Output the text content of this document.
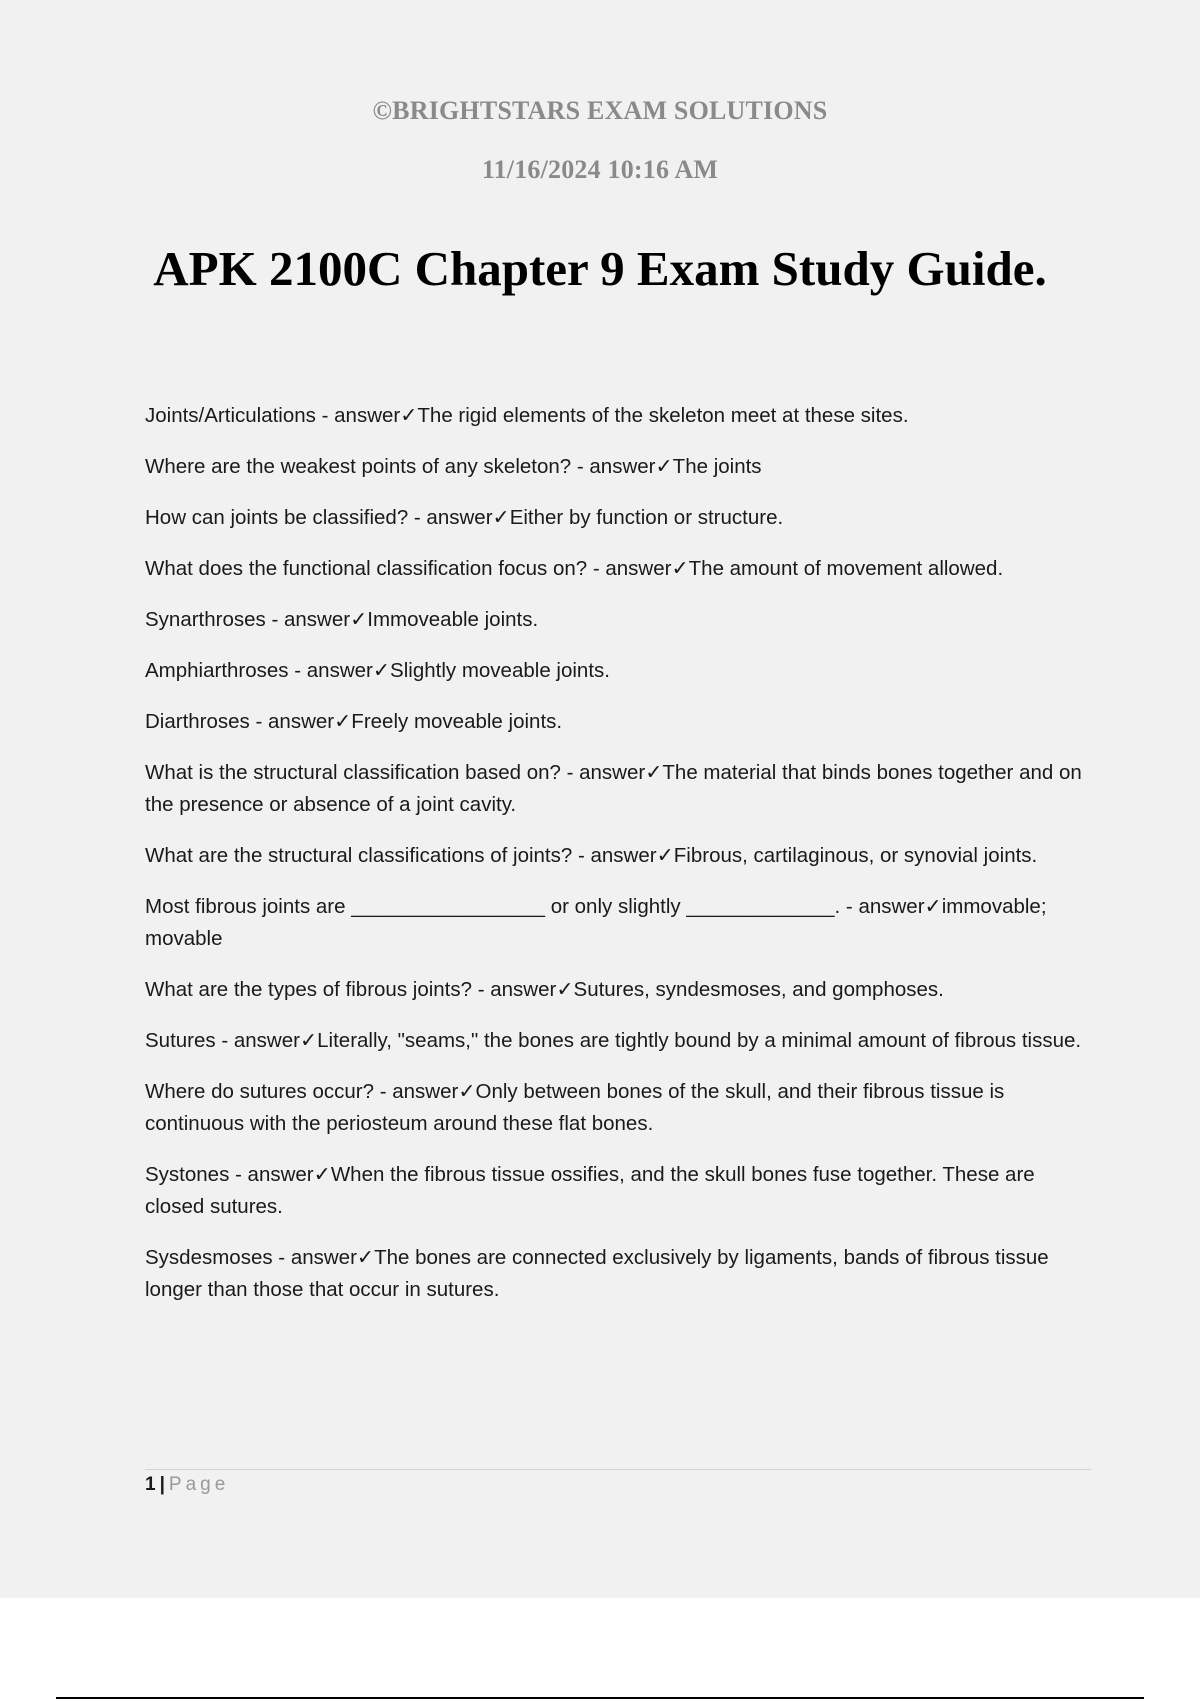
©BRIGHTSTARS EXAM SOLUTIONS
11/16/2024 10:16 AM
APK 2100C Chapter 9 Exam Study Guide.

Joints/Articulations - answer✓The rigid elements of the skeleton meet at these sites.

Where are the weakest points of any skeleton? - answer✓The joints

How can joints be classified? - answer✓Either by function or structure.

What does the functional classification focus on? - answer✓The amount of movement allowed.

Synarthroses - answer✓Immoveable joints.

Amphiarthroses - answer✓Slightly moveable joints.

Diarthroses - answer✓Freely moveable joints.

What is the structural classification based on? - answer✓The material that binds bones together and on the presence or absence of a joint cavity.

What are the structural classifications of joints? - answer✓Fibrous, cartilaginous, or synovial joints.

Most fibrous joints are _________________ or only slightly _____________. - answer✓immovable; movable

What are the types of fibrous joints? - answer✓Sutures, syndesmoses, and gomphoses.

Sutures - answer✓Literally, "seams," the bones are tightly bound by a minimal amount of fibrous tissue.

Where do sutures occur? - answer✓Only between bones of the skull, and their fibrous tissue is continuous with the periosteum around these flat bones.

Systones - answer✓When the fibrous tissue ossifies, and the skull bones fuse together. These are closed sutures.

Sysdesmoses - answer✓The bones are connected exclusively by ligaments, bands of fibrous tissue longer than those that occur in sutures.

1 | Page
